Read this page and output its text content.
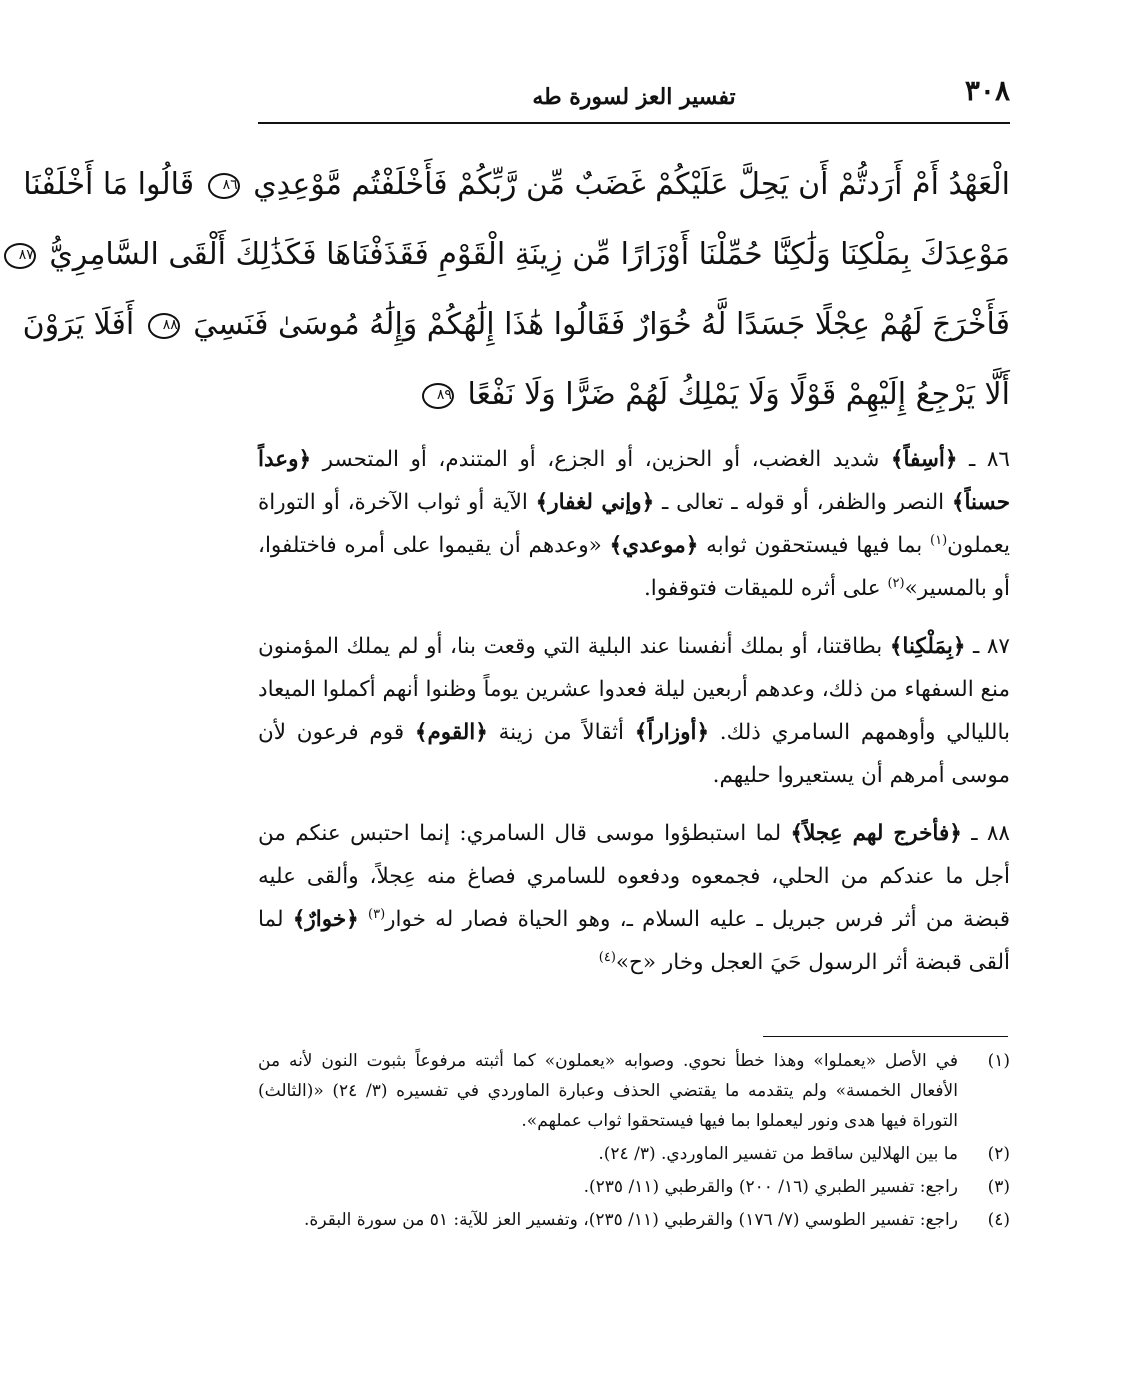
٣٠٨
تفسير العز لسورة طه
الْعَهْدُ أَمْ أَرَدتُّمْ أَن يَحِلَّ عَلَيْكُمْ غَضَبٌ مِّن رَّبِّكُمْ فَأَخْلَفْتُم مَّوْعِدِي ٨٦ قَالُوا مَا أَخْلَفْنَا
مَوْعِدَكَ بِمَلْكِنَا وَلَٰكِنَّا حُمِّلْنَا أَوْزَارًا مِّن زِينَةِ الْقَوْمِ فَقَذَفْنَاهَا فَكَذَٰلِكَ أَلْقَى السَّامِرِيُّ ٨٧
فَأَخْرَجَ لَهُمْ عِجْلًا جَسَدًا لَّهُ خُوَارٌ فَقَالُوا هَٰذَا إِلَٰهُكُمْ وَإِلَٰهُ مُوسَىٰ فَنَسِيَ ٨٨ أَفَلَا يَرَوْنَ
أَلَّا يَرْجِعُ إِلَيْهِمْ قَوْلًا وَلَا يَمْلِكُ لَهُمْ ضَرًّا وَلَا نَفْعًا ٨٩

٨٦ ـ ﴿أسِفاً﴾ شديد الغضب، أو الحزين، أو الجزع، أو المتندم، أو المتحسر ﴿وعداً حسناً﴾ النصر والظفر، أو قوله ـ تعالى ـ ﴿وإني لغفار﴾ الآية أو ثواب الآخرة، أو التوراة يعملون$^{(١)}$ بما فيها فيستحقون ثوابه ﴿موعدي﴾ «وعدهم أن يقيموا على أمره فاختلفوا، أو بالمسير»$^{(٢)}$ على أثره للميقات فتوقفوا.

٨٧ ـ ﴿بِمَلْكِنا﴾ بطاقتنا، أو بملك أنفسنا عند البلية التي وقعت بنا، أو لم يملك المؤمنون منع السفهاء من ذلك، وعدهم أربعين ليلة فعدوا عشرين يوماً وظنوا أنهم أكملوا الميعاد بالليالي وأوهمهم السامري ذلك. ﴿أوزاراً﴾ أثقالاً من زينة ﴿القوم﴾ قوم فرعون لأن موسى أمرهم أن يستعيروا حليهم.

٨٨ ـ ﴿فأخرج لهم عِجلاً﴾ لما استبطؤوا موسى قال السامري: إنما احتبس عنكم من أجل ما عندكم من الحلي، فجمعوه ودفعوه للسامري فصاغ منه عِجلاً، وألقى عليه قبضة من أثر فرس جبريل ـ عليه السلام ـ، وهو الحياة فصار له خوار$^{(٣)}$ ﴿خوارٌ﴾ لما ألقى قبضة أثر الرسول حَيَ العجل وخار «ح»$^{(٤)}$

(١)
في الأصل «يعملوا» وهذا خطأ نحوي. وصوابه «يعملون» كما أثبته مرفوعاً بثبوت النون لأنه من الأفعال الخمسة» ولم يتقدمه ما يقتضي الحذف وعبارة الماوردي في تفسيره (٣/ ٢٤) «(الثالث) التوراة فيها هدى ونور ليعملوا بما فيها فيستحقوا ثواب عملهم».
(٢)
ما بين الهلالين ساقط من تفسير الماوردي. (٣/ ٢٤).
(٣)
راجع: تفسير الطبري (١٦/ ٢٠٠) والقرطبي (١١/ ٢٣٥).
(٤)
راجع: تفسير الطوسي (٧/ ١٧٦) والقرطبي (١١/ ٢٣٥)، وتفسير العز للآية: ٥١ من سورة البقرة.
